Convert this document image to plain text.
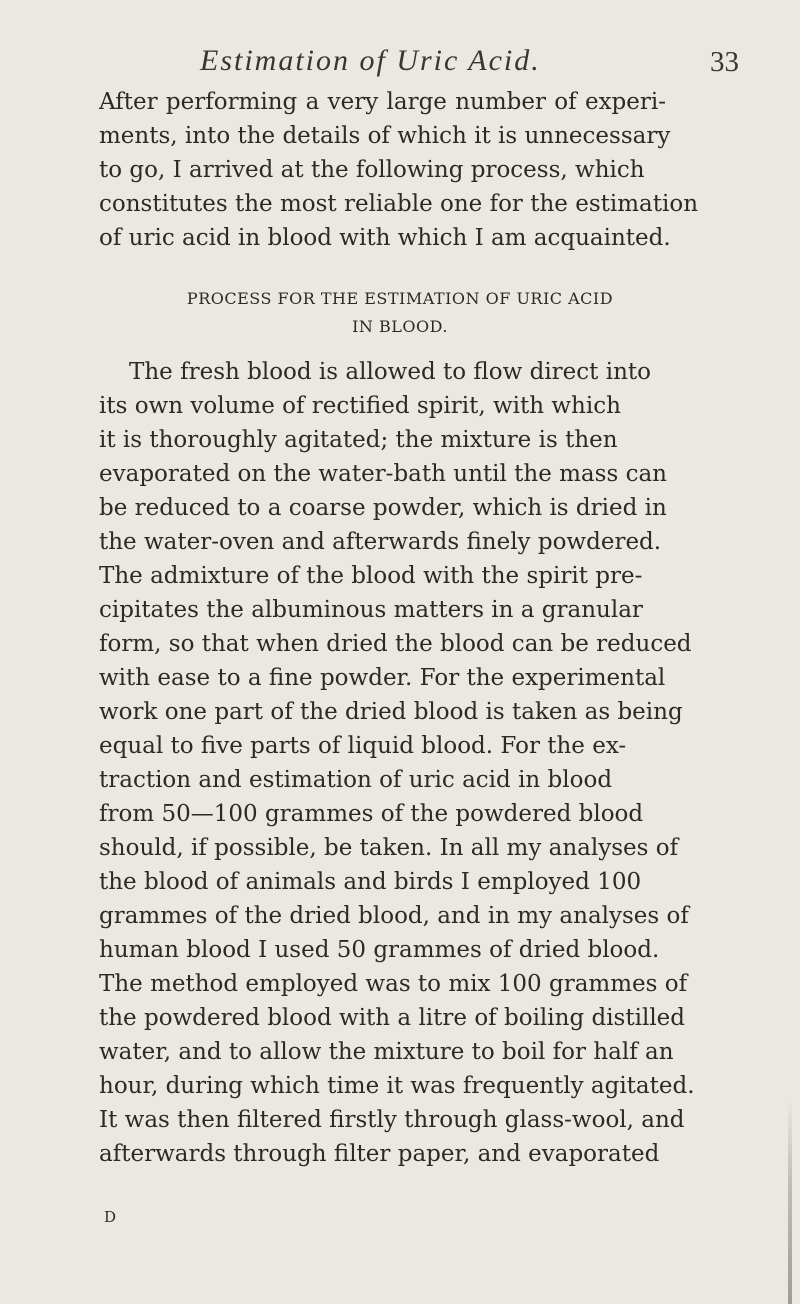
Estimation of Uric Acid.	33
After performing a very large number of experi-
ments, into the details of which it is unnecessary
to go, I arrived at the following process, which
constitutes the most reliable one for the estimation
of uric acid in blood with which I am acquainted.
PROCESS FOR THE ESTIMATION OF URIC ACID
IN BLOOD.
The fresh blood is allowed to flow direct into
its own volume of rectified spirit, with which
it is thoroughly agitated; the mixture is then
evaporated on the water-bath until the mass can
be reduced to a coarse powder, which is dried in
the water-oven and afterwards finely powdered.
The admixture of the blood with the spirit pre-
cipitates the albuminous matters in a granular
form, so that when dried the blood can be reduced
with ease to a fine powder. For the experimental
work one part of the dried blood is taken as being
equal to five parts of liquid blood. For the ex-
traction and estimation of uric acid in blood
from 50—100 grammes of the powdered blood
should, if possible, be taken. In all my analyses of
the blood of animals and birds I employed 100
grammes of the dried blood, and in my analyses of
human blood I used 50 grammes of dried blood.
The method employed was to mix 100 grammes of
the powdered blood with a litre of boiling distilled
water, and to allow the mixture to boil for half an
hour, during which time it was frequently agitated.
It was then filtered firstly through glass-wool, and
afterwards through filter paper, and evaporated
D
